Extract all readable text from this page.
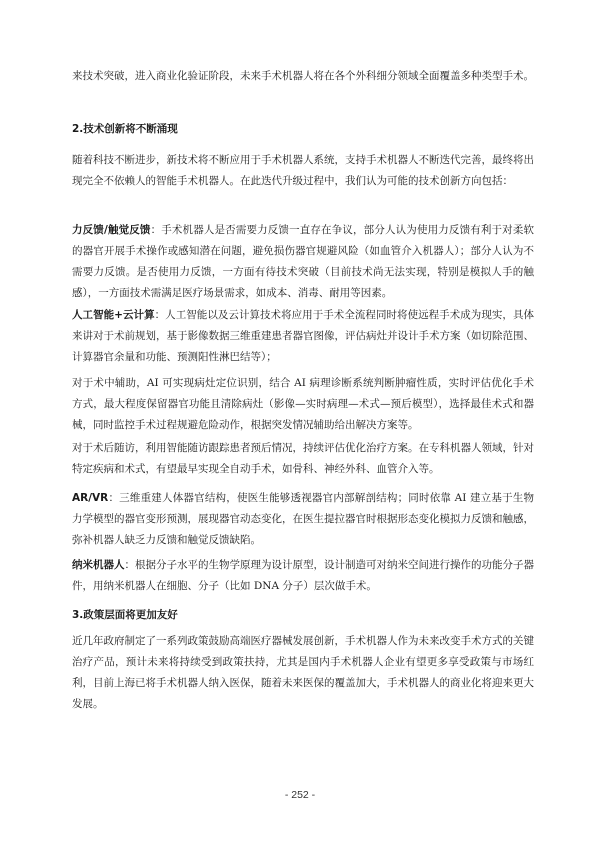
来技术突破，进入商业化验证阶段，未来手术机器人将在各个外科细分领域全面覆盖多种类型手术。
2.技术创新将不断涌现
随着科技不断进步，新技术将不断应用于手术机器人系统，支持手术机器人不断迭代完善，最终将出现完全不依赖人的智能手术机器人。在此迭代升级过程中，我们认为可能的技术创新方向包括：
力反馈/触觉反馈：手术机器人是否需要力反馈一直存在争议，部分人认为使用力反馈有利于对柔软的器官开展手术操作或感知潜在问题，避免损伤器官规避风险（如血管介入机器人）；部分人认为不需要力反馈。是否使用力反馈，一方面有待技术突破（目前技术尚无法实现，特别是模拟人手的触感），一方面技术需满足医疗场景需求，如成本、消毒、耐用等因素。
人工智能+云计算：人工智能以及云计算技术将应用于手术全流程同时将使远程手术成为现实，具体来讲对于术前规划，基于影像数据三维重建患者器官图像，评估病灶并设计手术方案（如切除范围、计算器官余量和功能、预测阳性淋巴结等）；
对于术中辅助，AI 可实现病灶定位识别，结合 AI 病理诊断系统判断肿瘤性质，实时评估优化手术方式，最大程度保留器官功能且清除病灶（影像—实时病理—术式—预后模型），选择最佳术式和器械，同时监控手术过程规避危险动作，根据突发情况辅助给出解决方案等。
对于术后随访，利用智能随访跟踪患者预后情况，持续评估优化治疗方案。在专科机器人领域，针对特定疾病和术式，有望最早实现全自动手术，如骨科、神经外科、血管介入等。
AR/VR：三维重建人体器官结构，使医生能够透视器官内部解剖结构；同时依靠 AI 建立基于生物力学模型的器官变形预测，展现器官动态变化，在医生提拉器官时根据形态变化模拟力反馈和触感，弥补机器人缺乏力反馈和触觉反馈缺陷。
纳米机器人：根据分子水平的生物学原理为设计原型，设计制造可对纳米空间进行操作的功能分子器件，用纳米机器人在细胞、分子（比如 DNA 分子）层次做手术。
3.政策层面将更加友好
近几年政府制定了一系列政策鼓励高端医疗器械发展创新，手术机器人作为未来改变手术方式的关键治疗产品，预计未来将持续受到政策扶持，尤其是国内手术机器人企业有望更多享受政策与市场红利，目前上海已将手术机器人纳入医保，随着未来医保的覆盖加大，手术机器人的商业化将迎来更大发展。
- 252 -
